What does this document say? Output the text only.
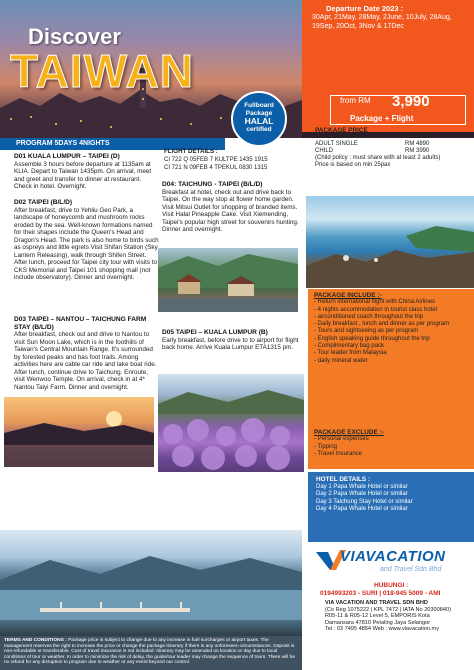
Discover
TAIWAN
Departure Date 2023 :
30Apr, 21May, 28May, 2June, 10July, 28Aug, 19Sep, 20Oct, 3Nov & 17Dec
from RM 3,990
Package + Flight
Fullboard
Package
HALAL
certified
PROGRAM 5DAYS 4NIGHTS
D01 KUALA LUMPUR – TAIPEI (D)
Assemble 3 hours before departure at 1135am at KLIA. Depart to Taiwan 1435pm. On arrival, meet and greet and transfer to dinner at restaurant. Check in hotel. Overnight.
D02 TAIPEI (B/L/D)
After breakfast, drive to Yehliu Geo Park, a landscape of honeycomb and mushroom rocks eroded by the sea. Well-known formations named for their shapes include the Queen's Head and Dragon's Head. The park is also home to birds such as ospreys and little egrets Visit Shifan Station (Sky Lantern Releasing), walk through Shifen Street. After lunch, proceed for Taipei city tour with visits to CKS Memorial and Taipei 101 shopping mall (not include observatory). Dinner and overnight.
FLIGHT DETAILS :
CI 722 Q 05FEB 7 KULTPE 1435 1915
CI 721 N 09FEB 4 TPEKUL 0830 1315
D04: TAICHUNG - TAIPEI (B/L/D)
Breakfast at hotel, check out and drive back to Taipei. On the way stop at flower home garden. Visit Mitsui Outlet for shopping of branded items. Visit Halal Pineapple Cake. Visit Xiemending, Taipei's popular high street for souvenirs hunting. Dinner and overnight.
PACKAGE PRICE
ADULT TWIN/TRIPLE	RM 3990
ADULT SINGLE	RM 4890
CHILD	RM 3990
(Child policy : must share with at least 2 adults)
Price is based on min 25pax
D05 TAIPEI – KUALA LUMPUR (B)
Early breakfast, before drive to to airport for flight back home. Arrive Kuala Lumpur ETA1315 pm.
D03 TAIPEI – NANTOU – TAICHUNG FARM STAY (B/L/D)
After breakfast, check out and drive to Nantou to visit Sun Moon Lake, which is in the foothills of Taiwan's Central Mountain Range. It's surrounded by forested peaks and has foot trails. Among activities here are cable car ride and lake boat ride. After lunch, continue drive to Taichung. Enroute, visit Wenwoo Temple. On arrival, check in at 4* Nantou Taiyi Farm. Dinner and overnight.
PACKAGE INCLUDE :-
- Return international flight with China Airlines
- 4 nights accommodation in tourist class hotel
- airconditioned coach throughout the trip
- Daily breakfast , lunch and dinner as per program
- Tours and sightseeing as per program
- English speaking guide throughout the trip
- Complimentary bag pack
- Tour leader from Malaysia
- daily mineral water
PACKAGE EXCLUDE :-
- Personal expenses
- Tipping
- Travel Insurance
HOTEL DETAILS :
Day 1 Papa Whale Hotel or similar
Day 2 Papa Whale Hotel or similar
Day 3 Taichung Stay Hotel or similar
Day 4 Papa Whale Hotel or similar
VIAVACATION
and Travel Sdn Bhd
HUBUNGI :
0194993203 - SURI | 018-945 5009 - AMI
VIA VACATION AND TRAVEL SDN BHD
(Co Reg 1075222 | KPL 7472 | IATA No 20300840)
R05-11 & R05-12 Level 5, EMPORIS Kota
Damansara 47810 Petaling Jaya Selangor
Tel : 03 7495 4854 Web : www.viavacation.my
TERMS AND CONDITIONS : Package price is subject to change due to any increase in fuel surcharges or airport taxes. The management reserves the right to increase the price or change the package itinerary if there is any unforeseen circumstances. Deposit is non-refundable or transferable. Cost of travel insurance is not included. Itinerary may be amended on location or day due to local conditions of tour or weather. In order to minimize the risk of delay, the guide/tour leader may change the sequence of tours. There will be no refund for any disruption to program due to weather or any event beyond our control.
